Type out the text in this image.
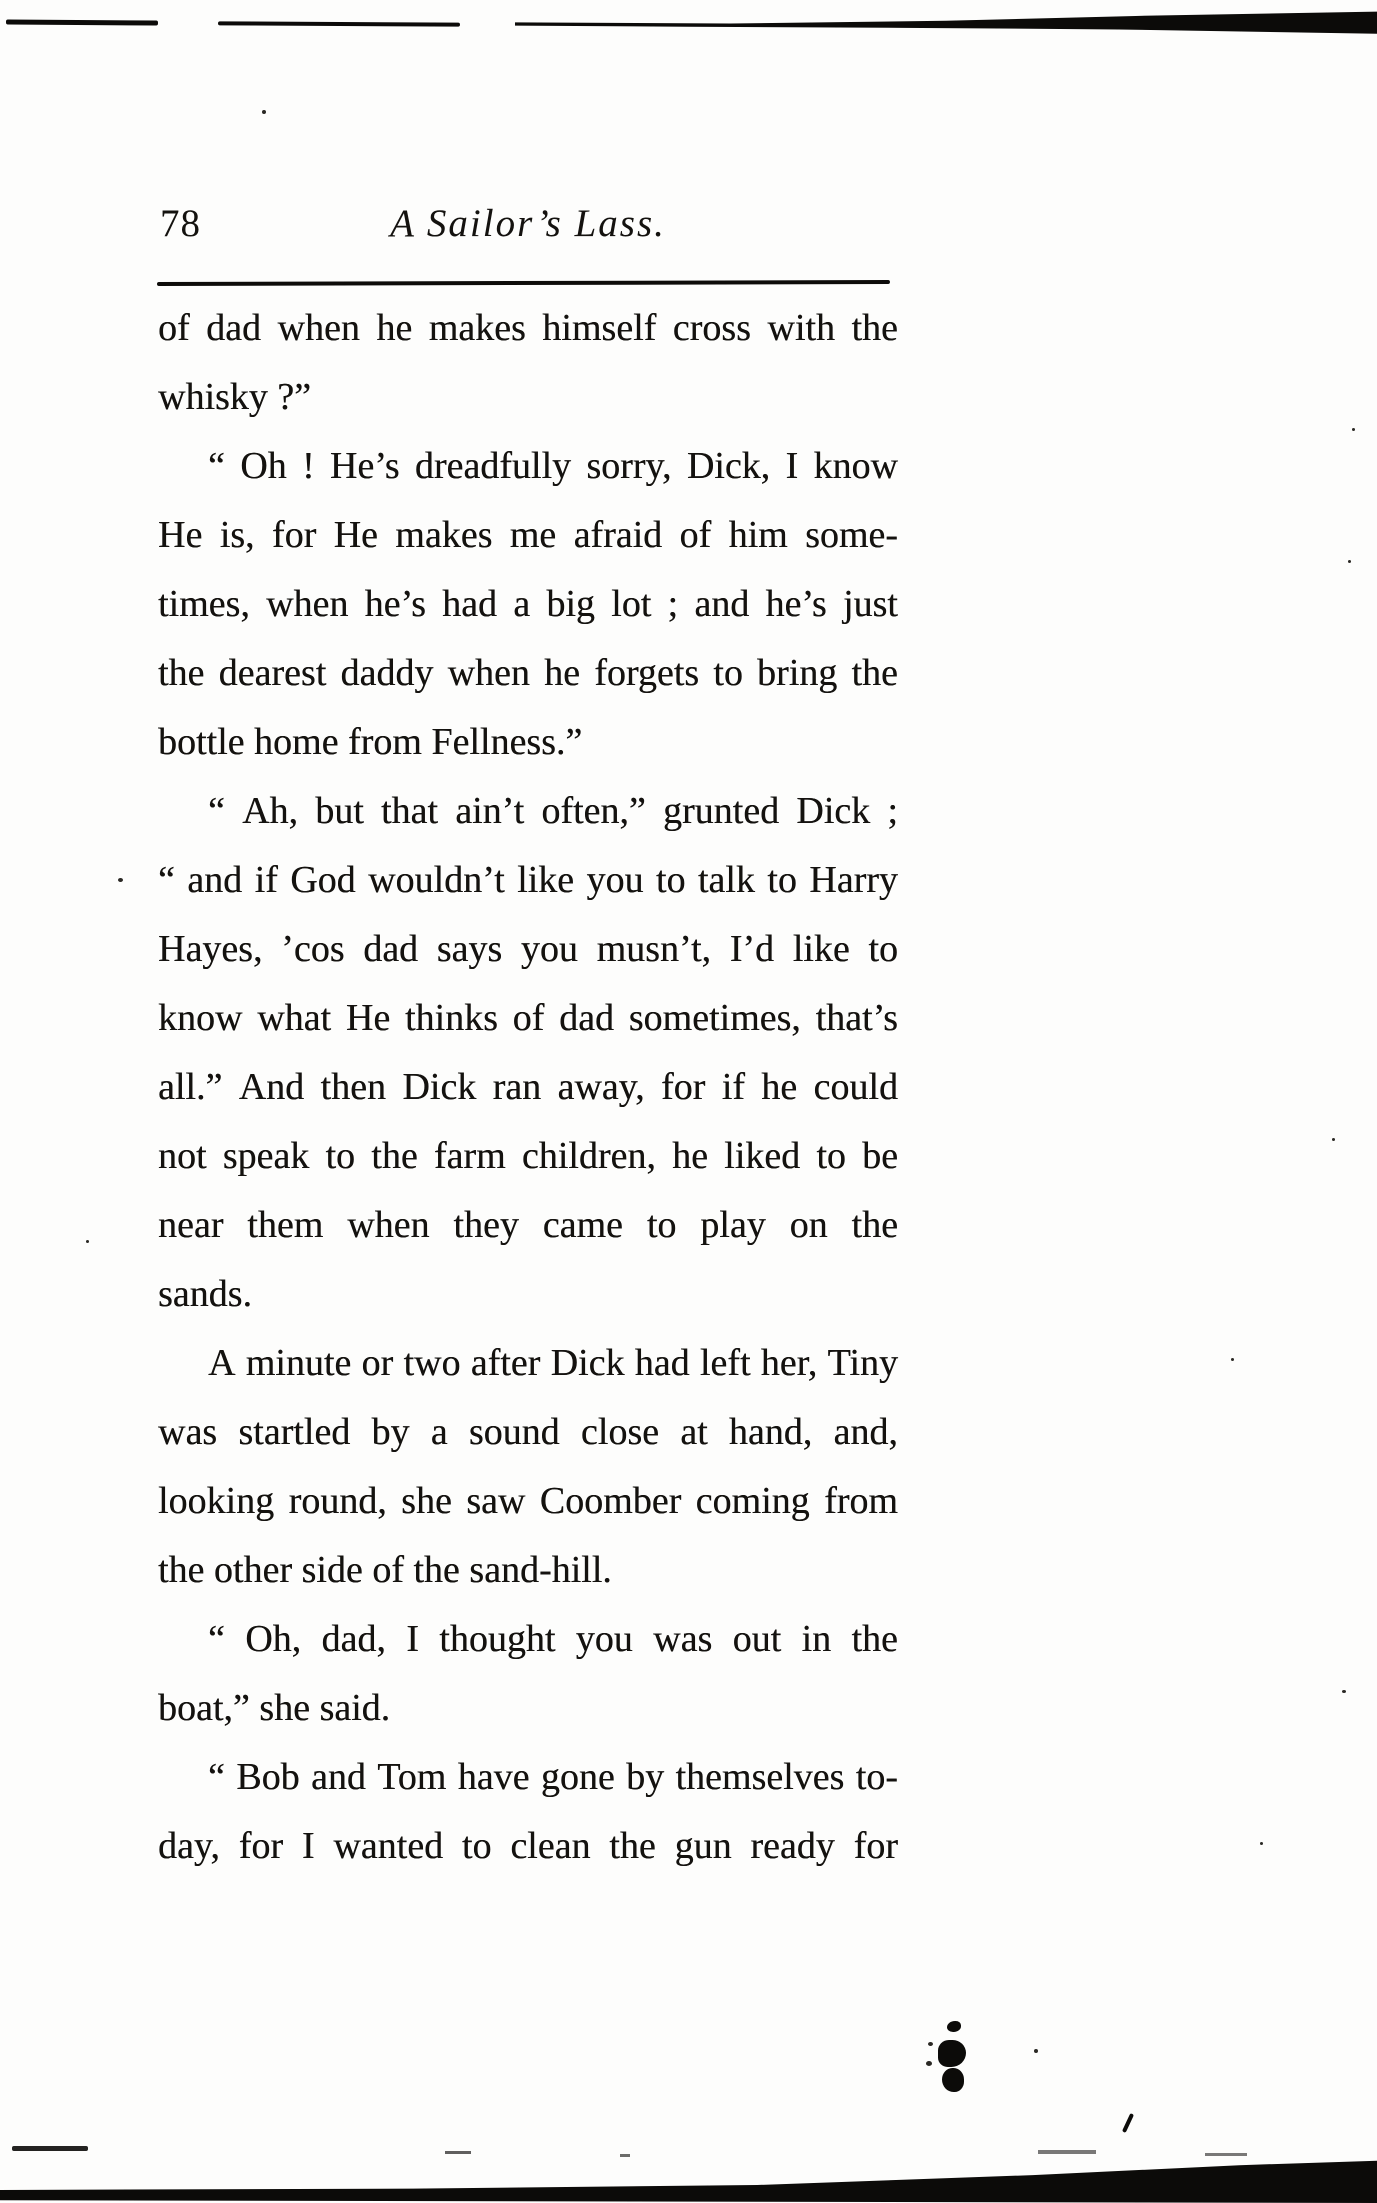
78	A Sailor’s Lass.
of dad when he makes himself cross with the
whisky ?”
“ Oh ! He’s dreadfully sorry, Dick, I know
He is, for He makes me afraid of him some-
times, when he’s had a big lot ; and he’s just
the dearest daddy when he forgets to bring the
bottle home from Fellness.”
“ Ah, but that ain’t often,” grunted Dick ;
“ and if God wouldn’t like you to talk to Harry
Hayes, ’cos dad says you musn’t, I’d like to
know what He thinks of dad sometimes, that’s
all.” And then Dick ran away, for if he could
not speak to the farm children, he liked to be
near them when they came to play on the
sands.
A minute or two after Dick had left her, Tiny
was startled by a sound close at hand, and,
looking round, she saw Coomber coming from
the other side of the sand-hill.
“ Oh, dad, I thought you was out in the
boat,” she said.
“ Bob and Tom have gone by themselves to-
day, for I wanted to clean the gun ready for
